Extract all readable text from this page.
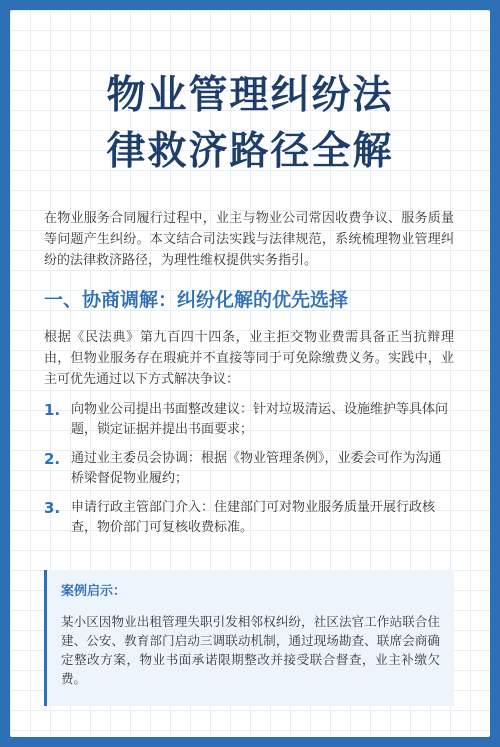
物业管理纠纷法
律救济路径全解
在物业服务合同履行过程中，业主与物业公司常因收费争议、服务质量等问题产生纠纷。本文结合司法实践与法律规范，系统梳理物业管理纠纷的法律救济路径，为理性维权提供实务指引。
一、协商调解：纠纷化解的优先选择
根据《民法典》第九百四十四条，业主拒交物业费需具备正当抗辩理由，但物业服务存在瑕疵并不直接等同于可免除缴费义务。实践中，业主可优先通过以下方式解决争议：
1. 向物业公司提出书面整改建议：针对垃圾清运、设施维护等具体问题，锁定证据并提出书面要求；
2. 通过业主委员会协调：根据《物业管理条例》，业委会可作为沟通桥梁督促物业履约；
3. 申请行政主管部门介入：住建部门可对物业服务质量开展行政核查，物价部门可复核收费标准。
案例启示：
某小区因物业出租管理失职引发相邻权纠纷，社区法官工作站联合住建、公安、教育部门启动三调联动机制，通过现场勘查、联席会商确定整改方案，物业书面承诺限期整改并接受联合督查，业主补缴欠费。
